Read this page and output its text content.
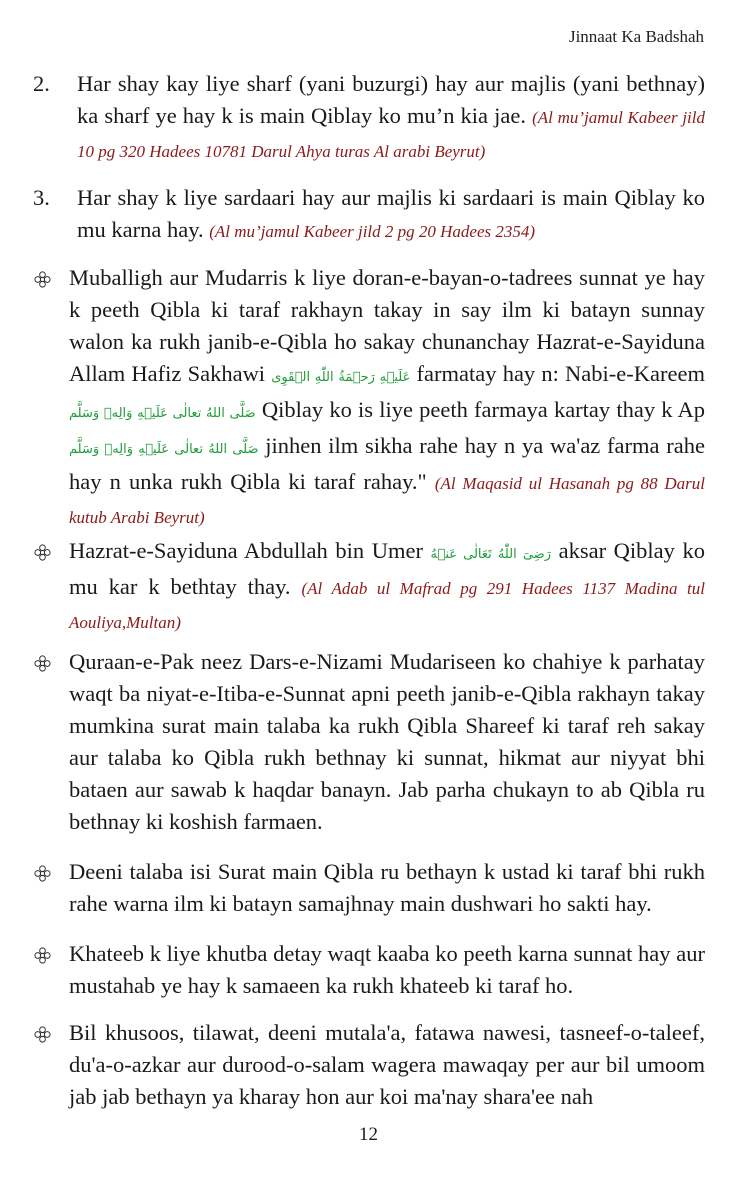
Jinnaat Ka Badshah
2. Har shay kay liye sharf (yani buzurgi) hay aur majlis (yani bethnay) ka sharf ye hay k is main Qiblay ko mu’n kia jae. (Al mu’jamul Kabeer jild 10 pg 320 Hadees 10781 Darul Ahya turas Al arabi Beyrut)
3. Har shay k liye sardaari hay aur majlis ki sardaari is main Qiblay ko mu karna hay. (Al mu’jamul Kabeer jild 2 pg 20 Hadees 2354)
Muballigh aur Mudarris k liye doran-e-bayan-o-tadrees sunnat ye hay k peeth Qibla ki taraf rakhayn takay in say ilm ki batayn sunnay walon ka rukh janib-e-Qibla ho sakay chunanchay Hazrat-e-Sayiduna Allam Hafiz Sakhawi عَلَيۡهِ رَحۡمَةُ اللّٰهِ الۡقَوِی farmatay hay n: Nabi-e-Kareem صَلَّى اللهُ تعالٰى عَلَيۡهِ وَالِهٖ وَسَلَّم Qiblay ko is liye peeth farmaya kartay thay k Ap صَلَّى اللهُ تعالٰى عَلَيۡهِ وَالِهٖ وَسَلَّم jinhen ilm sikha rahe hay n ya wa'az farma rahe hay n unka rukh Qibla ki taraf rahay." (Al Maqasid ul Hasanah pg 88 Darul kutub Arabi Beyrut)
Hazrat-e-Sayiduna Abdullah bin Umer رَضِیَ اللّٰهُ تَعَالٰی عَنۡهُ aksar Qiblay ko mu kar k bethtay thay. (Al Adab ul Mafrad pg 291 Hadees 1137 Madina tul Aouliya,Multan)
Quraan-e-Pak neez Dars-e-Nizami Mudariseen ko chahiye k parhatay waqt ba niyat-e-Itiba-e-Sunnat apni peeth janib-e-Qibla rakhayn takay mumkina surat main talaba ka rukh Qibla Shareef ki taraf reh sakay aur talaba ko Qibla rukh bethnay ki sunnat, hikmat aur niyyat bhi bataen aur sawab k haqdar banayn. Jab parha chukayn to ab Qibla ru bethnay ki koshish farmaen.
Deeni talaba isi Surat main Qibla ru bethayn k ustad ki taraf bhi rukh rahe warna ilm ki batayn samajhnay main dushwari ho sakti hay.
Khateeb k liye khutba detay waqt kaaba ko peeth karna sunnat hay aur mustahab ye hay k samaeen ka rukh khateeb ki taraf ho.
Bil khusoos, tilawat, deeni mutala'a, fatawa nawesi, tasneef-o-taleef, du'a-o-azkar aur durood-o-salam wagera mawaqay per aur bil umoom jab jab bethayn ya kharay hon aur koi ma'nay shara'ee nah
12
